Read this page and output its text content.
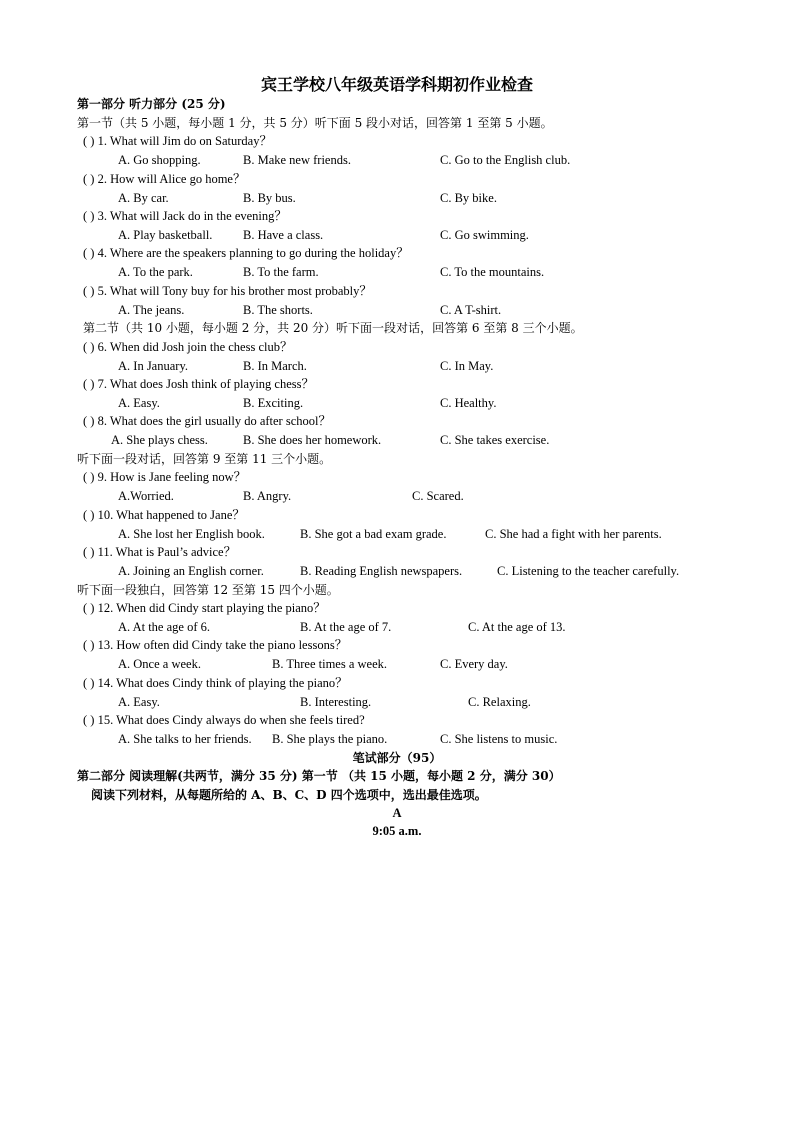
宾王学校八年级英语学科期初作业检查
第一部分 听力部分 (25 分)
第一节（共 5 小题，每小题 1 分，共 5 分）听下面 5 段小对话，回答第 1 至第 5 小题。
( ) 1. What will Jim do on Saturday？
A. Go shopping.	B. Make new friends.	C. Go to the English club.
( ) 2. How will Alice go home？
A. By car.	B. By bus.	C. By bike.
( ) 3. What will Jack do in the evening？
A. Play basketball. B. Have a class.	C. Go swimming.
( ) 4. Where are the speakers planning to go during the holiday？
A. To the park.	B. To the farm.	C. To the mountains.
( ) 5. What will Tony buy for his brother most probably？
A. The jeans.	B. The shorts.	C. A T-shirt.
第二节（共 10 小题，每小题 2 分，共 20 分）听下面一段对话，回答第 6 至第 8 三个小题。
( ) 6. When did Josh join the chess club？
A. In January.	B. In March.	C. In May.
( ) 7. What does Josh think of playing chess？
A. Easy.	B. Exciting.	C. Healthy.
( ) 8. What does the girl usually do after school？
A. She plays chess.	B. She does her homework.	C. She takes exercise.
听下面一段对话，回答第 9 至第 11 三个小题。
( ) 9. How is Jane feeling now？
A.Worried.	B. Angry.	C. Scared.
( ) 10. What happened to Jane？
A. She lost her English book.	B. She got a bad exam grade.	C. She had a fight with her parents.
( ) 11. What is Paul’s advice？
A. Joining an English corner.	B. Reading English newspapers.	C. Listening to the teacher carefully.
听下面一段独白，回答第 12 至第 15 四个小题。
( ) 12. When did Cindy start playing the piano？
A. At the age of 6.	B. At the age of 7.	C. At the age of 13.
( ) 13. How often did Cindy take the piano lessons？
A. Once a week.	B. Three times a week.	C. Every day.
( ) 14. What does Cindy think of playing the piano？
A. Easy.	B. Interesting.	C. Relaxing.
( ) 15. What does Cindy always do when she feels tired?
A. She talks to her friends. B. She plays the piano.	C. She listens to music.
笔试部分（95）
第二部分 阅读理解(共两节，满分 35 分) 第一节 （共 15 小题，每小题 2 分，满分 30）
阅读下列材料，从每题所给的 A、B、C、D 四个选项中，选出最佳选项。
A
9:05 a.m.
